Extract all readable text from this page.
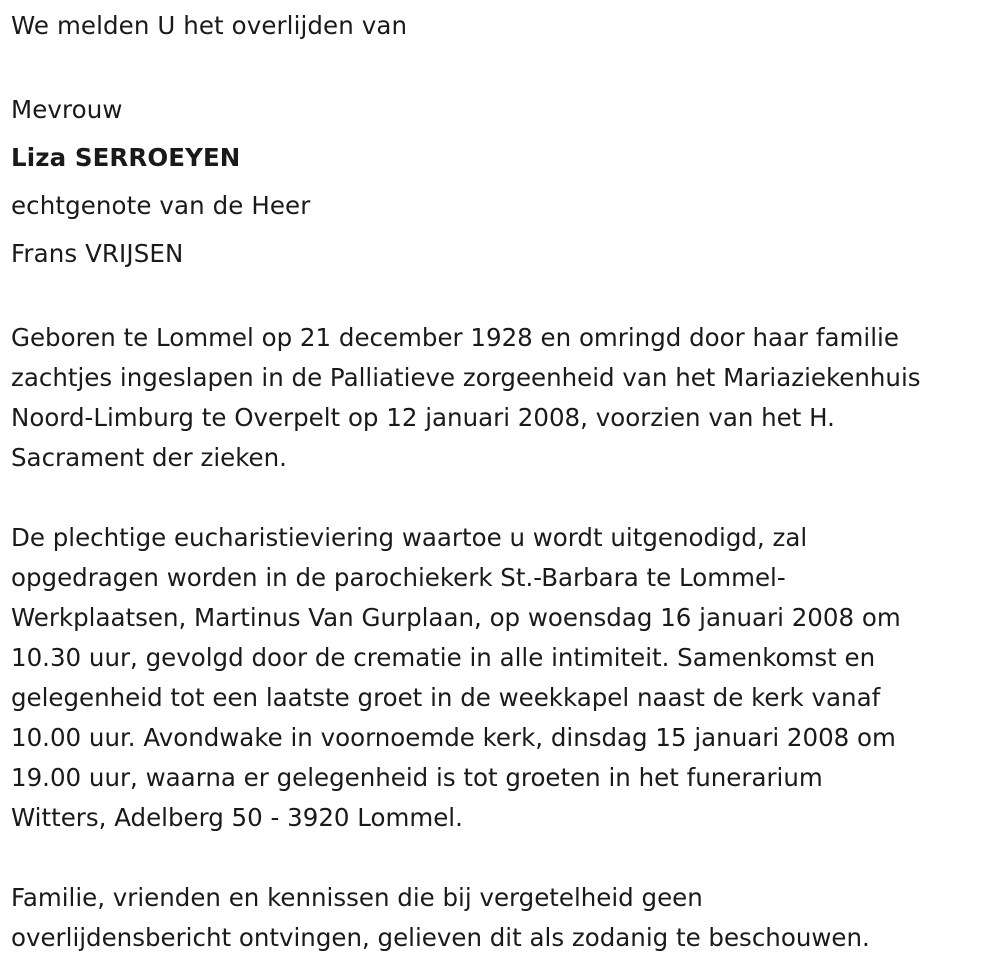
We melden U het overlijden van

Mevrouw

Liza SERROEYEN

echtgenote van de Heer

Frans VRIJSEN

Geboren te Lommel op 21 december 1928 en omringd door haar familie
zachtjes ingeslapen in de Palliatieve zorgeenheid van het Mariaziekenhuis
Noord-Limburg te Overpelt op 12 januari 2008, voorzien van het H.
Sacrament der zieken.
De plechtige eucharistieviering waartoe u wordt uitgenodigd, zal
opgedragen worden in de parochiekerk St.-Barbara te Lommel-
Werkplaatsen, Martinus Van Gurplaan, op woensdag 16 januari 2008 om
10.30 uur, gevolgd door de crematie in alle intimiteit. Samenkomst en
gelegenheid tot een laatste groet in de weekkapel naast de kerk vanaf
10.00 uur. Avondwake in voornoemde kerk, dinsdag 15 januari 2008 om
19.00 uur, waarna er gelegenheid is tot groeten in het funerarium
Witters, Adelberg 50 - 3920 Lommel.
Familie, vrienden en kennissen die bij vergetelheid geen
overlijdensbericht ontvingen, gelieven dit als zodanig te beschouwen.
